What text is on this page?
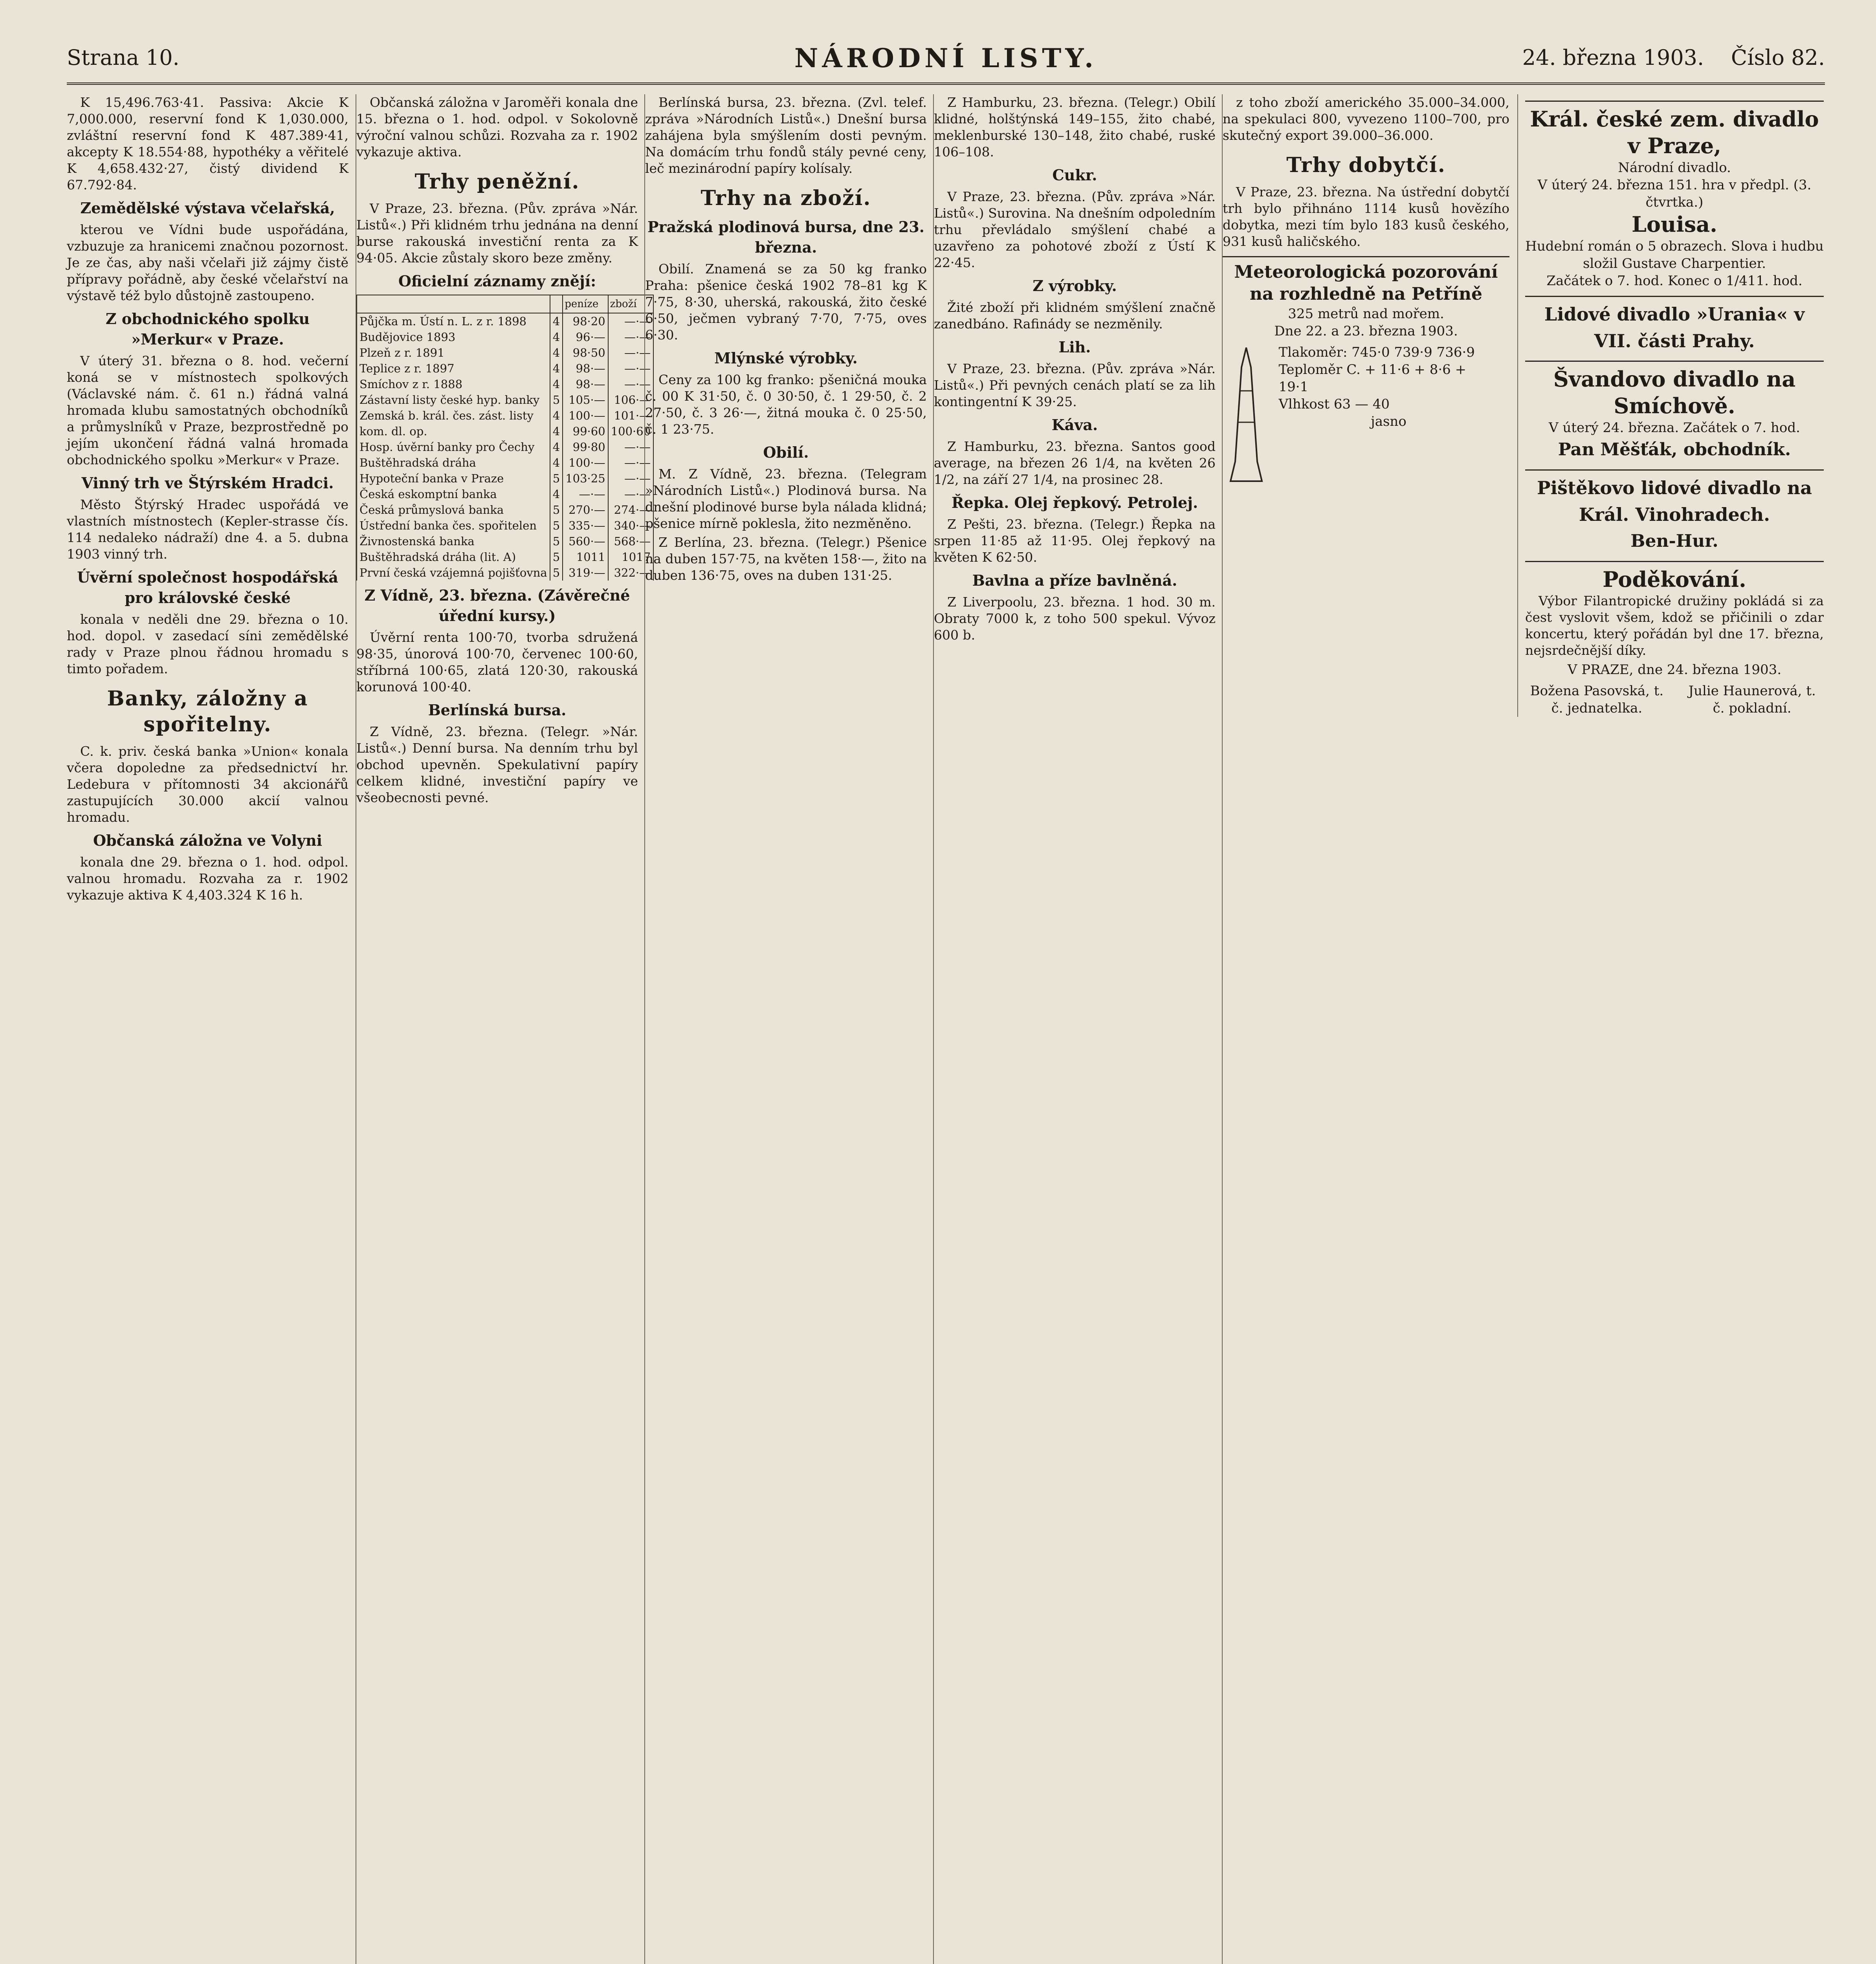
Strana 10.	NÁRODNÍ LISTY.	24. března 1903. Číslo 82.

K 15,496.763·41. Passiva: Akcie K 7,000.000, reservní fond K 1,030.000, zvláštní reservní fond K 487.389·41, akcepty K 18.554·88, hypothéky a věřitelé K 4,658.432·27, čistý dividend K 67.792·84.

Zemědělské výstava včelařská,

kterou ve Vídni bude uspořádána, vzbuzuje za hranicemi značnou pozornost. Je ze čas, aby naši včelaři již zájmy čistě přípravy pořádně, aby české včelařství na výstavě též bylo důstojně zastoupeno.

Z obchodnického spolku »Merkur« v Praze.

V úterý 31. března o 8. hod. večerní koná se v místnostech spolkových (Václavské nám. č. 61 n.) řádná valná hromada klubu samostatných obchodníků a průmyslníků v Praze, bezprostředně po jejím ukončení řádná valná hromada obchodnického spolku »Merkur« v Praze.

Vinný trh ve Štýrském Hradci.

Město Štýrský Hradec uspořádá ve vlastních místnostech (Kepler-strasse čís. 114 nedaleko nádraží) dne 4. a 5. dubna 1903 vinný trh.

Úvěrní společnost hospodářská pro královské české

konala v neděli dne 29. března o 10. hod. dopol. v zasedací síni zemědělské rady v Praze plnou řádnou hromadu s timto pořadem.

Banky, záložny a spořitelny.

C. k. priv. česká banka »Union« konala včera dopoledne za předsednictví hr. Ledebura v přítomnosti 34 akcionářů zastupujících 30.000 akcií valnou hromadu.

Občanská záložna ve Volyni

konala dne 29. března o 1. hod. odpol. valnou hromadu. Rozvaha za r. 1902 vykazuje aktiva K 4,403.324 K 16 h.

Občanská záložna v Jaroměři konala dne 15. března o 1. hod. odpol. v Sokolovně výroční valnou schůzi. Rozvaha za r. 1902 vykazuje aktiva.

Trhy peněžní.

V Praze, 23. března. (Pův. zpráva »Nár. Listů«.) Při klidném trhu jednána na denní burse rakouská investiční renta za K 94·05. Akcie zůstaly skoro beze změny.

Oficielní záznamy znějí:
		peníze	zboží
Půjčka m. Ústí n. L. z r. 1898	4	98·20	—·—
Budějovice 1893	4	96·—	—·—
Plzeň z r. 1891	4	98·50	—·—
Teplice z r. 1897	4	98·—	—·—
Smíchov z r. 1888	4	98·—	—·—
Zástavní listy české hyp. banky	5	105·—	106·—
Zemská b. král. čes. zást. listy	4	100·—	101·—
kom. dl. op.	4	99·60	100·60
Hosp. úvěrní banky pro Čechy	4	99·80	—·—
Buštěhradská dráha	4	100·—	—·—
Hypoteční banka v Praze	5	103·25	—·—
Česká eskomptní banka	4	—·—	—·—
Česká průmyslová banka	5	270·—	274·—
Ústřední banka čes. spořitelen	5	335·—	340·—
Živnostenská banka	5	560·—	568·—
Buštěhradská dráha (lit. A)	5	1011	1017
První česká vzájemná pojišťovna	5	319·—	322·—
Z Vídně, 23. března. (Závěrečné úřední kursy.)

Úvěrní renta 100·70, tvorba sdružená 98·35, únorová 100·70, červenec 100·60, stříbrná 100·65, zlatá 120·30, rakouská korunová 100·40.

Berlínská bursa.

Z Vídně, 23. března. (Telegr. »Nár. Listů«.) Denní bursa. Na denním trhu byl obchod upevněn. Spekulativní papíry celkem klidné, investiční papíry ve všeobecnosti pevné.

Berlínská bursa, 23. března. (Zvl. telef. zpráva »Národních Listů«.) Dnešní bursa zahájena byla smýšlením dosti pevným. Na domácím trhu fondů stály pevné ceny, leč mezinárodní papíry kolísaly.

Trhy na zboží.
Pražská plodinová bursa, dne 23. března.

Obilí. Znamená se za 50 kg franko Praha: pšenice česká 1902 78–81 kg K 7·75, 8·30, uherská, rakouská, žito české 6·50, ječmen vybraný 7·70, 7·75, oves 6·30.

Mlýnské výrobky.

Ceny za 100 kg franko: pšeničná mouka č. 00 K 31·50, č. 0 30·50, č. 1 29·50, č. 2 27·50, č. 3 26·—, žitná mouka č. 0 25·50, č. 1 23·75.

Obilí.

M. Z Vídně, 23. března. (Telegram »Národních Listů«.) Plodinová bursa. Na dnešní plodinové burse byla nálada klidná; pšenice mírně poklesla, žito nezměněno.

Z Berlína, 23. března. (Telegr.) Pšenice na duben 157·75, na květen 158·—, žito na duben 136·75, oves na duben 131·25.

Z Hamburku, 23. března. (Telegr.) Obilí klidné, holštýnská 149–155, žito chabé, meklenburské 130–148, žito chabé, ruské 106–108.

Cukr.

V Praze, 23. března. (Pův. zpráva »Nár. Listů«.) Surovina. Na dnešním odpoledním trhu převládalo smýšlení chabé a uzavřeno za pohotové zboží z Ústí K 22·45.

Z výrobky.

Žité zboží při klidném smýšlení značně zanedbáno. Rafinády se nezměnily.

Lih.

V Praze, 23. března. (Pův. zpráva »Nár. Listů«.) Při pevných cenách platí se za lih kontingentní K 39·25.

Káva.

Z Hamburku, 23. března. Santos good average, na březen 26 1/4, na květen 26 1/2, na září 27 1/4, na prosinec 28.

Řepka. Olej řepkový. Petrolej.

Z Pešti, 23. března. (Telegr.) Řepka na srpen 11·85 až 11·95. Olej řepkový na květen K 62·50.

Bavlna a příze bavlněná.

Z Liverpoolu, 23. března. 1 hod. 30 m. Obraty 7000 k, z toho 500 spekul. Vývoz 600 b.

z toho zboží amerického 35.000–34.000, na spekulaci 800, vyvezeno 1100–700, pro skutečný export 39.000–36.000.

Trhy dobytčí.

V Praze, 23. března. Na ústřední dobytčí trh bylo přihnáno 1114 kusů hovězího dobytka, mezi tím bylo 183 kusů českého, 931 kusů haličského.

Meteorologická pozorování na rozhledně na Petříně
325 metrů nad mořem.
Dne 22. a 23. března 1903.

Tlakoměr: 745·0 739·9 736·9
Teploměr C. + 11·6 + 8·6 + 19·1
Vlhkost 63 — 40
jasno
Král. české zem. divadlo v Praze,
Národní divadlo.
V úterý 24. března 151. hra v předpl. (3. čtvrtka.)
Louisa.
Hudební román o 5 obrazech. Slova i hudbu složil Gustave Charpentier.
Začátek o 7. hod. Konec o 1/411. hod.
Lidové divadlo »Urania« v VII. části Prahy.
Švandovo divadlo na Smíchově.
V úterý 24. března. Začátek o 7. hod.
Pan Měšťák, obchodník.
Pištěkovo lidové divadlo na Král. Vinohradech.
Ben-Hur.
Poděkování.

Výbor Filantropické družiny pokládá si za čest vyslovit všem, kdož se přičinili o zdar koncertu, který pořádán byl dne 17. března, nejsrdečnější díky.

V PRAZE, dne 24. března 1903.
Božena Pasovská, t. č. jednatelka.
Julie Haunerová, t. č. pokladní.
